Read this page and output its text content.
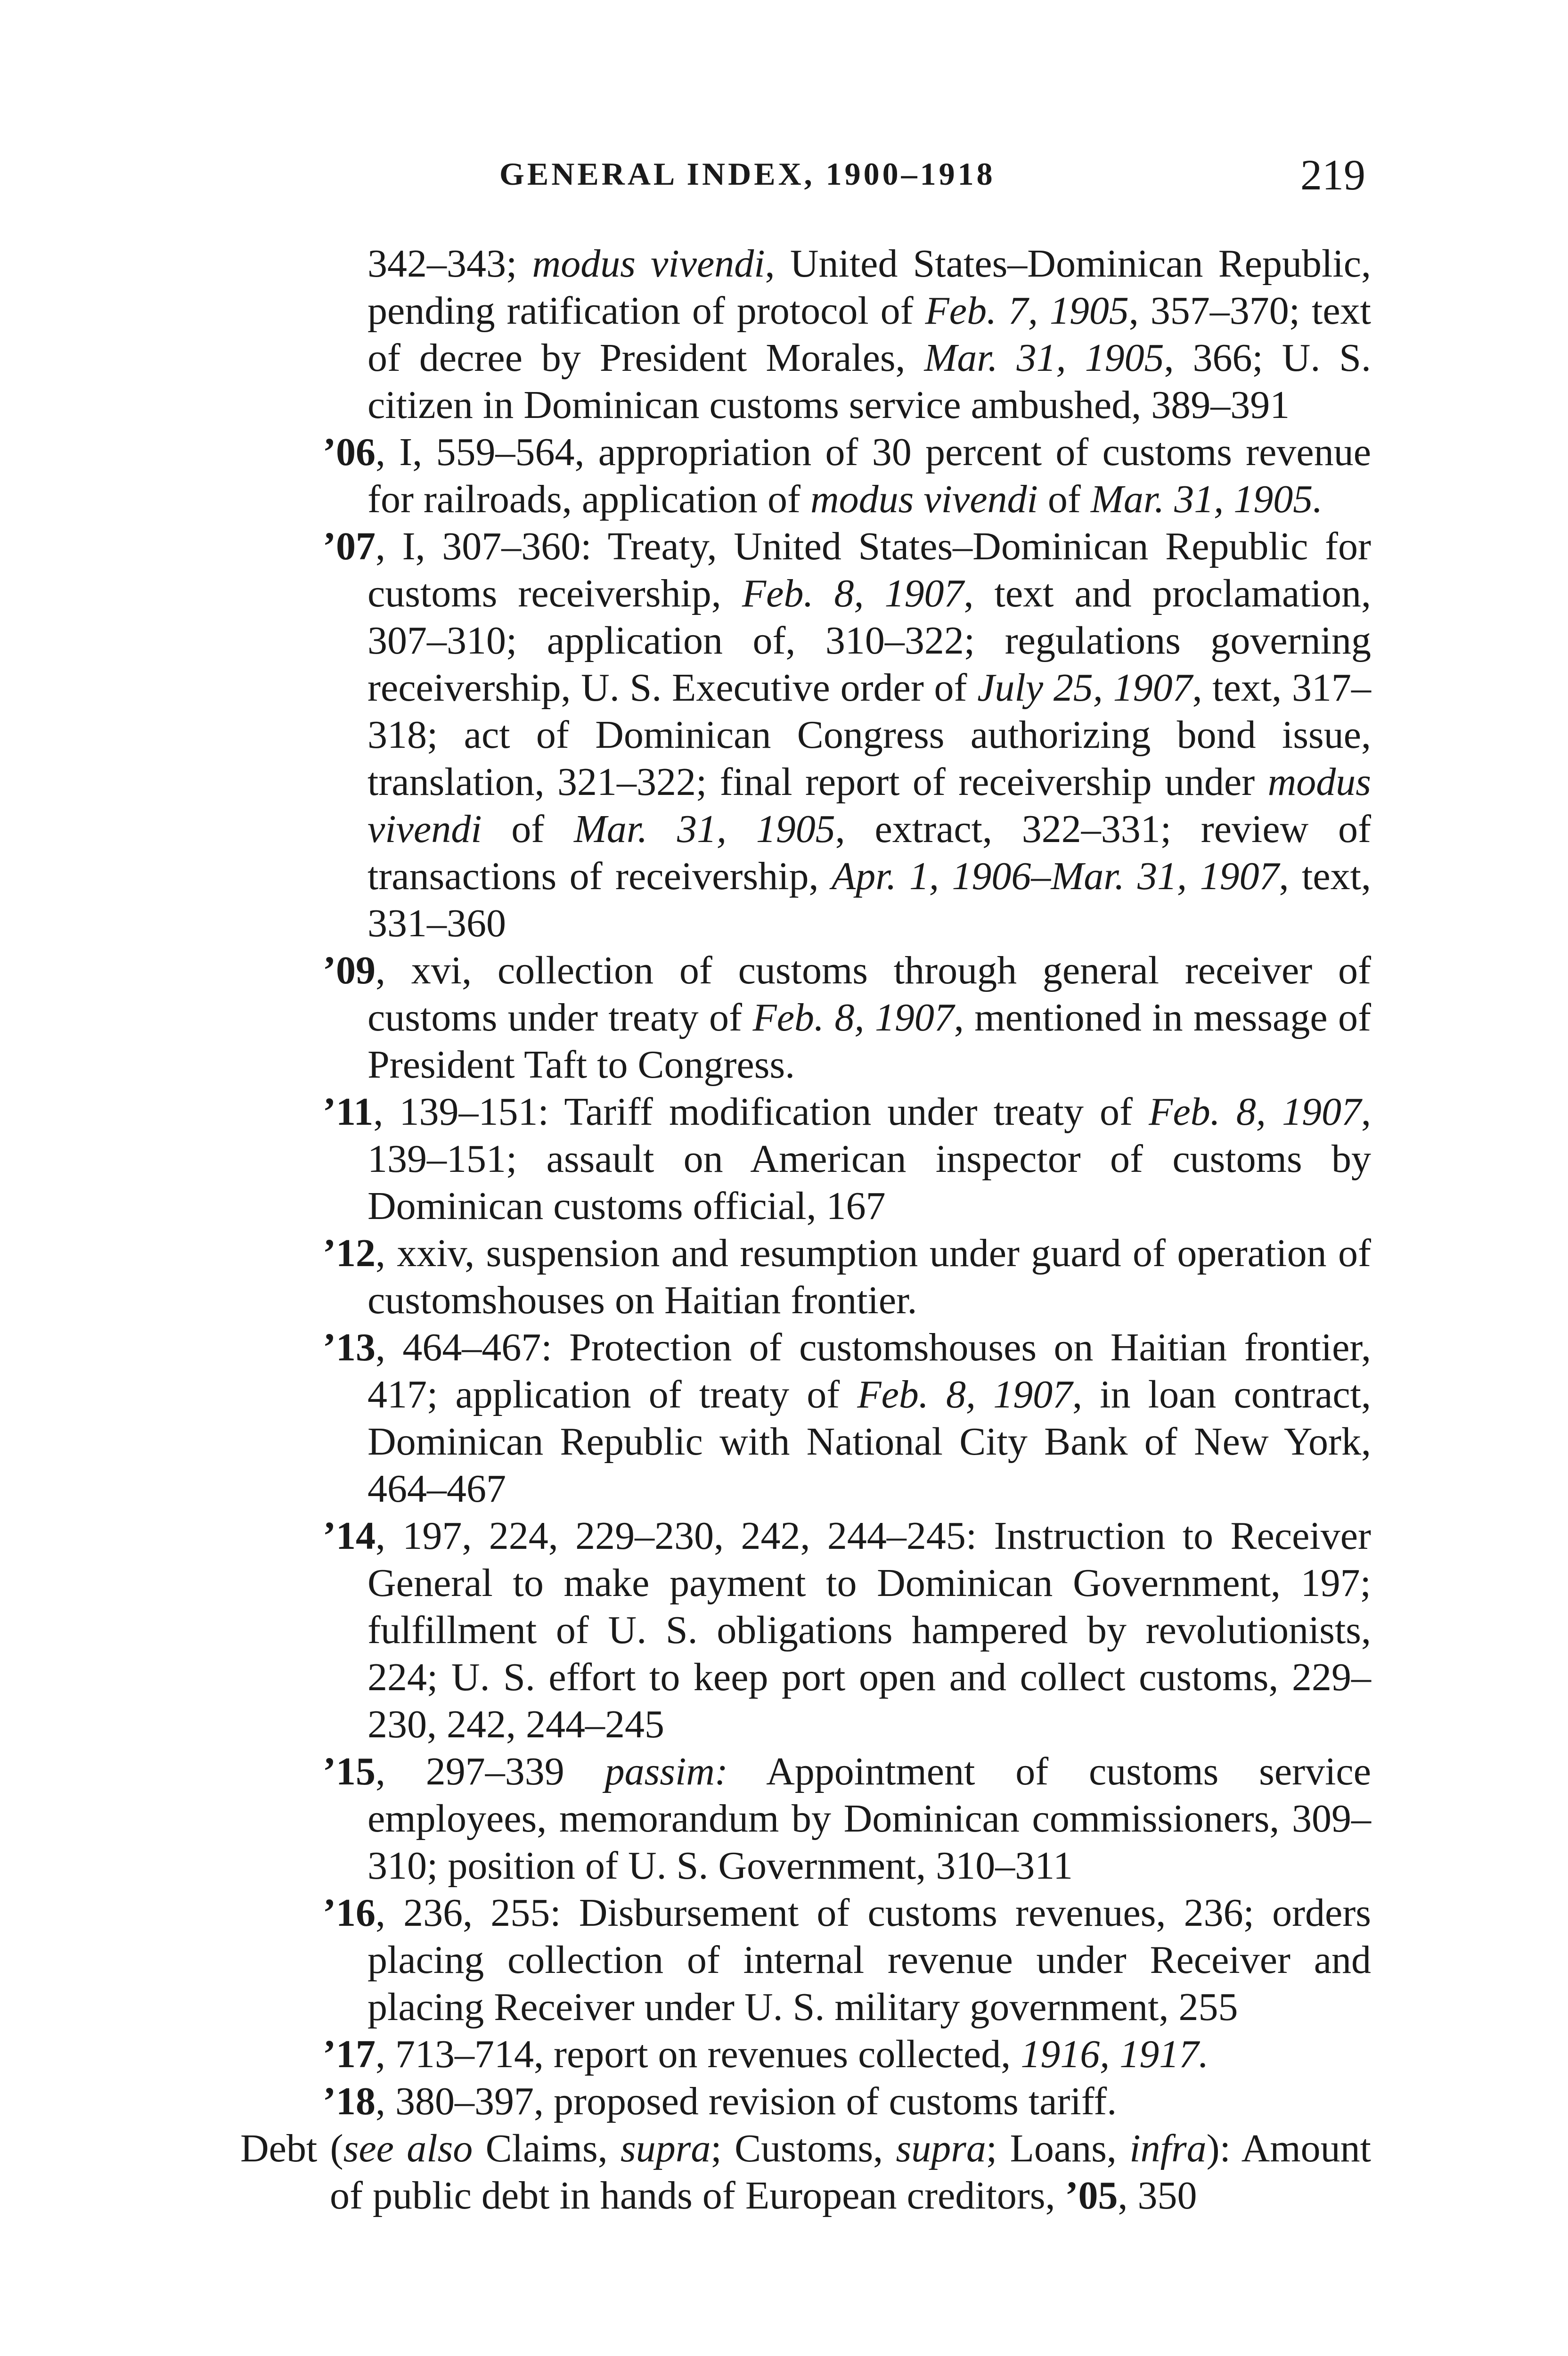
GENERAL INDEX, 1900–1918	219

342–343; modus vivendi, United States–Dominican Republic, pending ratification of protocol of Feb. 7, 1905, 357–370; text of decree by President Morales, Mar. 31, 1905, 366; U. S. citizen in Dominican customs service ambushed, 389–391

’06, I, 559–564, appropriation of 30 percent of customs revenue for railroads, application of modus vivendi of Mar. 31, 1905.

’07, I, 307–360: Treaty, United States–Dominican Republic for customs receivership, Feb. 8, 1907, text and proclamation, 307–310; application of, 310–322; regulations governing receivership, U. S. Executive order of July 25, 1907, text, 317–318; act of Dominican Congress authorizing bond issue, translation, 321–322; final report of receivership under modus vivendi of Mar. 31, 1905, extract, 322–331; review of transactions of receivership, Apr. 1, 1906–Mar. 31, 1907, text, 331–360

’09, xvi, collection of customs through general receiver of customs under treaty of Feb. 8, 1907, mentioned in message of President Taft to Congress.

’11, 139–151: Tariff modification under treaty of Feb. 8, 1907, 139–151; assault on American inspector of customs by Dominican customs official, 167

’12, xxiv, suspension and resumption under guard of operation of customshouses on Haitian frontier.

’13, 464–467: Protection of customshouses on Haitian frontier, 417; application of treaty of Feb. 8, 1907, in loan contract, Dominican Republic with National City Bank of New York, 464–467

’14, 197, 224, 229–230, 242, 244–245: Instruction to Receiver General to make payment to Dominican Government, 197; fulfillment of U. S. obligations hampered by revolutionists, 224; U. S. effort to keep port open and collect customs, 229–230, 242, 244–245

’15, 297–339 passim: Appointment of customs service employees, memorandum by Dominican commissioners, 309–310; position of U. S. Government, 310–311

’16, 236, 255: Disbursement of customs revenues, 236; orders placing collection of internal revenue under Receiver and placing Receiver under U. S. military government, 255

’17, 713–714, report on revenues collected, 1916, 1917.

’18, 380–397, proposed revision of customs tariff.

Debt (see also Claims, supra; Customs, supra; Loans, infra): Amount of public debt in hands of European creditors, ’05, 350
